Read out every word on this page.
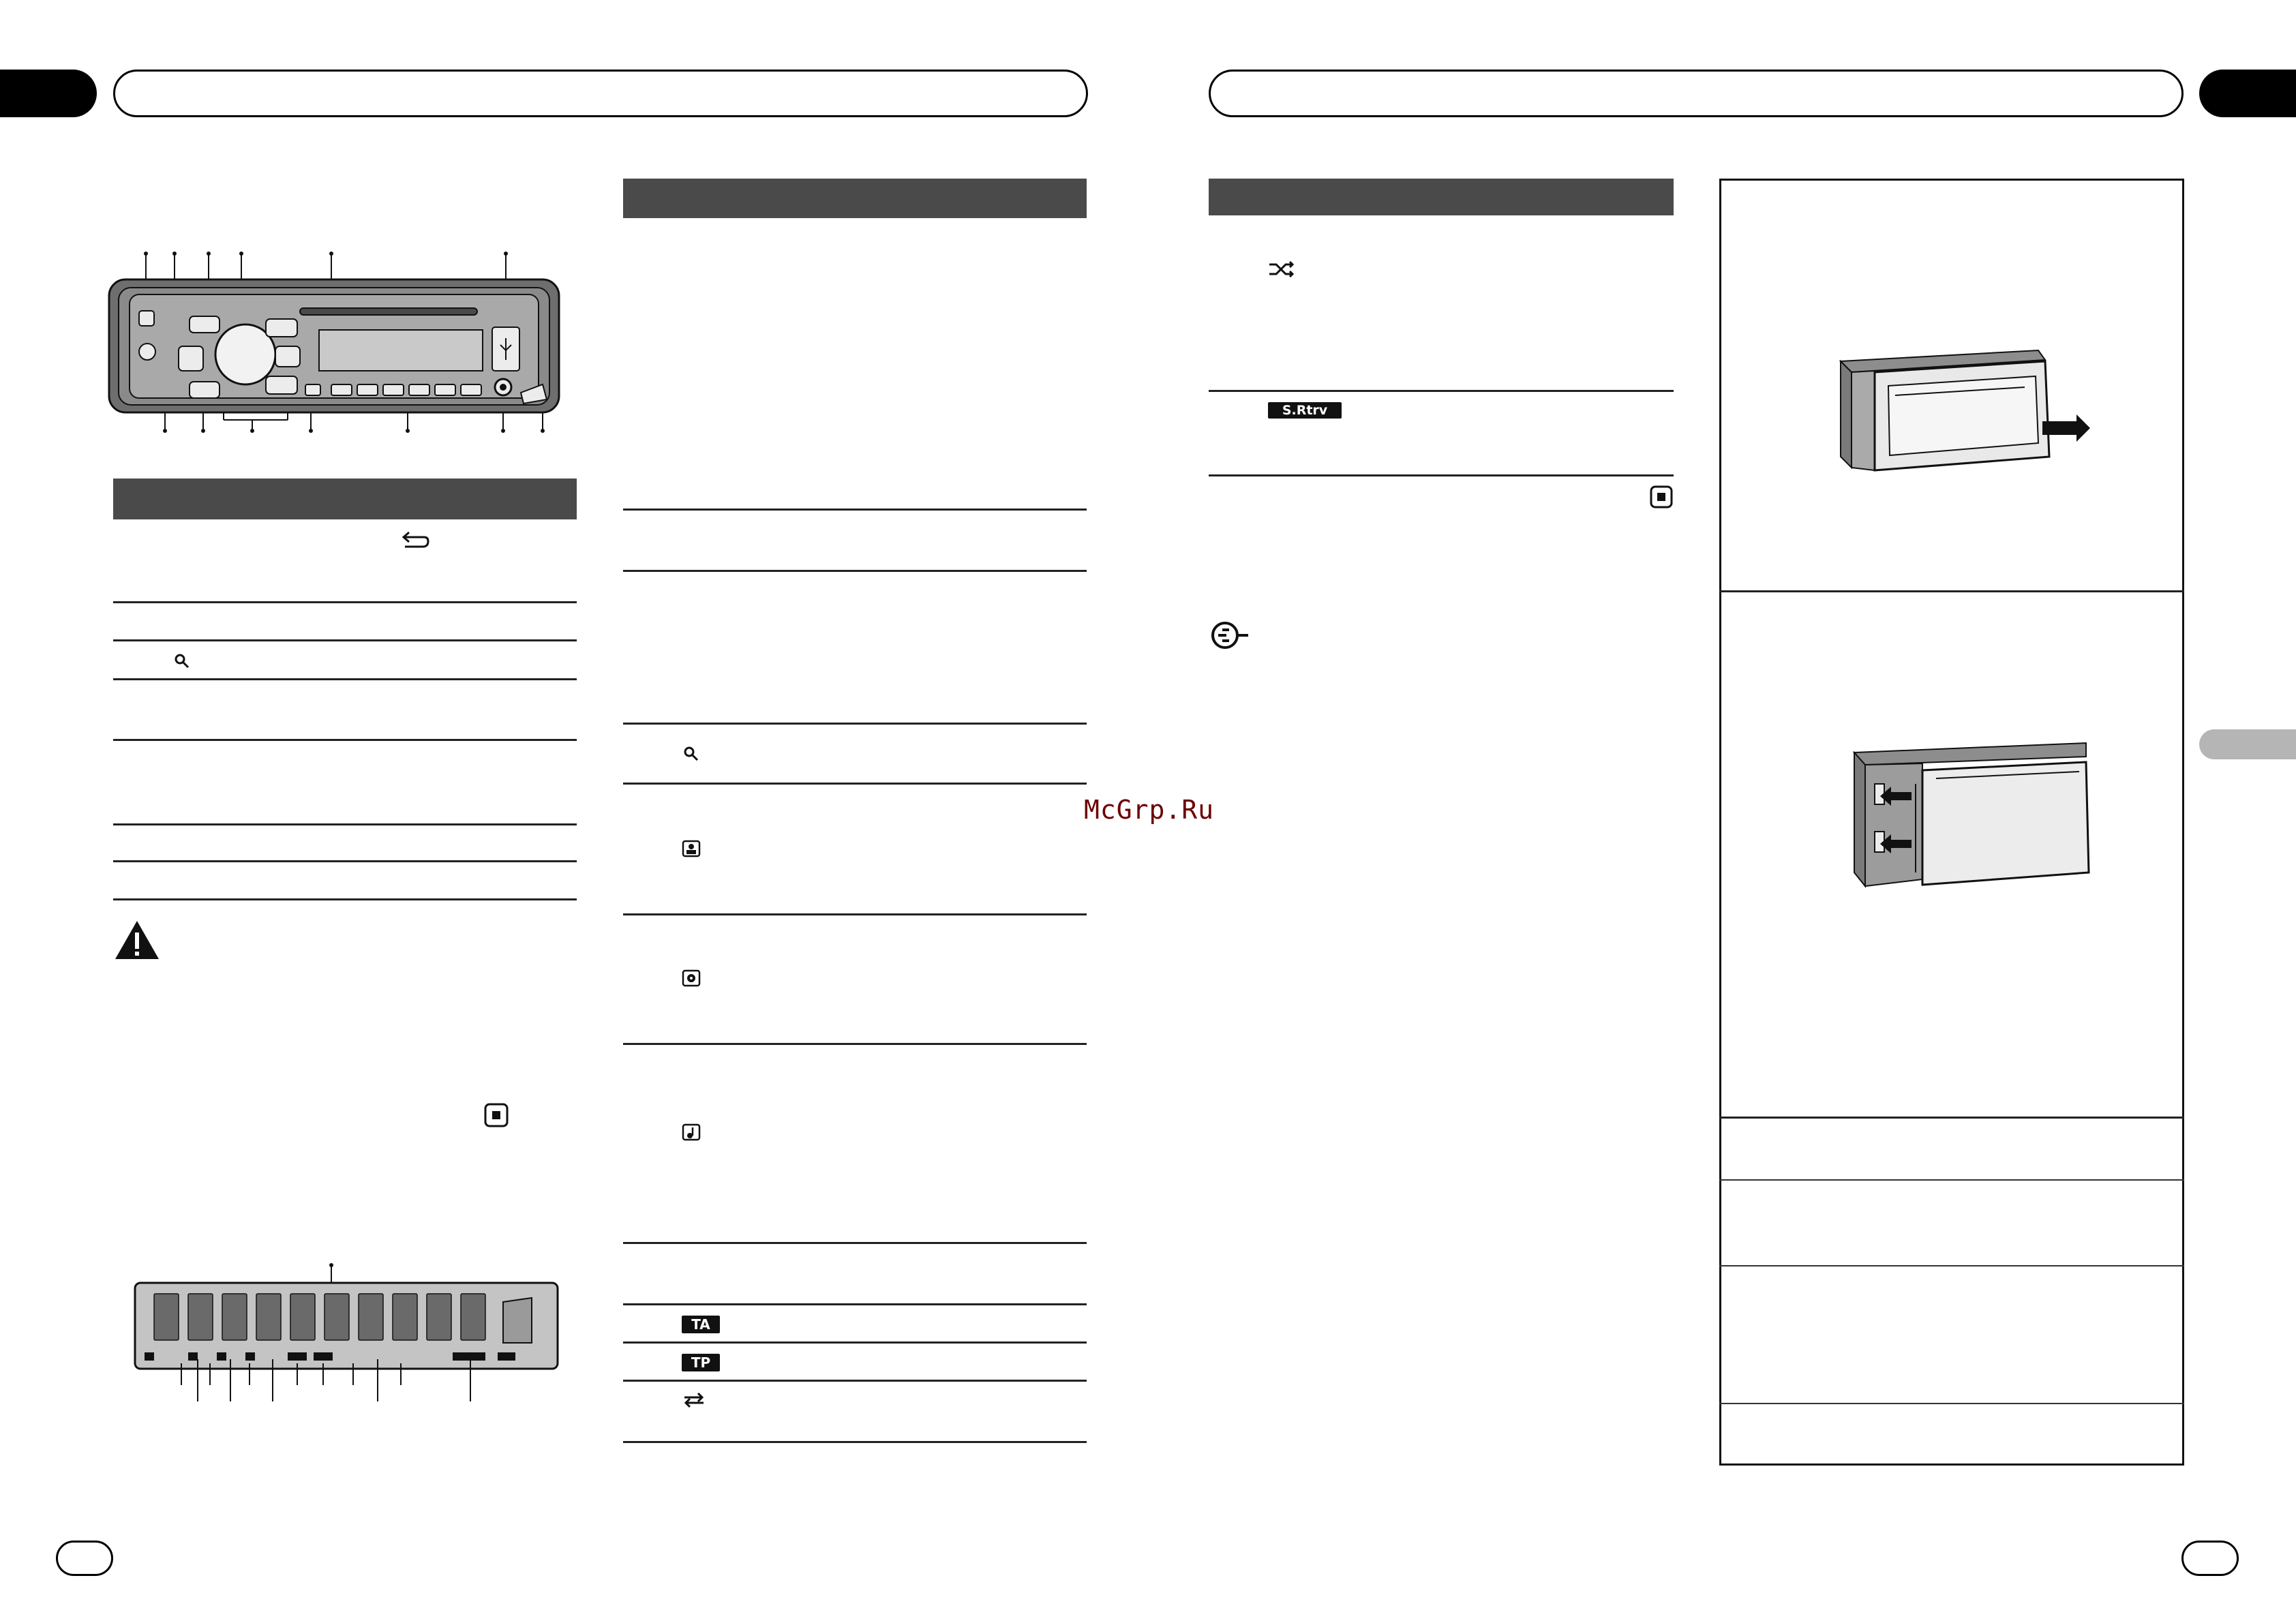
TA
TP
McGrp.Ru
S.Rtrv
